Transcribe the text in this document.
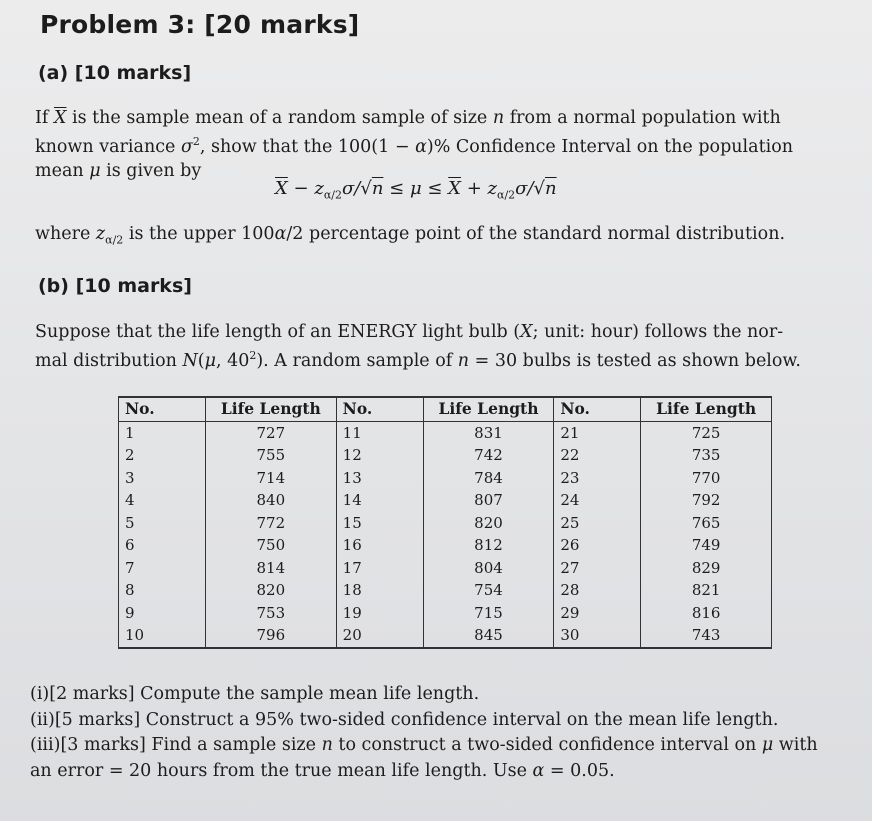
Problem 3: [20 marks]
(a) [10 marks]
If $\overline{X}$ is the sample mean of a random sample of size n from a normal population with
known variance $\sigma^2$, show that the 100(1 − α)% Confidence Interval on the population
mean μ is given by
$\overline{X} - z_{\alpha/2}\sigma/√n \le \mu \le \overline{X} + z_{\alpha/2}\sigma/√n$
where $z_{\alpha/2}$ is the upper 100α/2 percentage point of the standard normal distribution.
(b) [10 marks]
Suppose that the life length of an ENERGY light bulb (X; unit: hour) follows the nor-
mal distribution N(μ, $40^2$). A random sample of n = 30 bulbs is tested as shown below.
No.	Life Length	No.	Life Length	No.	Life Length
1	727	11	831	21	725
2	755	12	742	22	735
3	714	13	784	23	770
4	840	14	807	24	792
5	772	15	820	25	765
6	750	16	812	26	749
7	814	17	804	27	829
8	820	18	754	28	821
9	753	19	715	29	816
10	796	20	845	30	743
(i)[2 marks] Compute the sample mean life length.
(ii)[5 marks] Construct a 95% two-sided confidence interval on the mean life length.
(iii)[3 marks] Find a sample size n to construct a two-sided confidence interval on μ with
an error = 20 hours from the true mean life length. Use α = 0.05.
